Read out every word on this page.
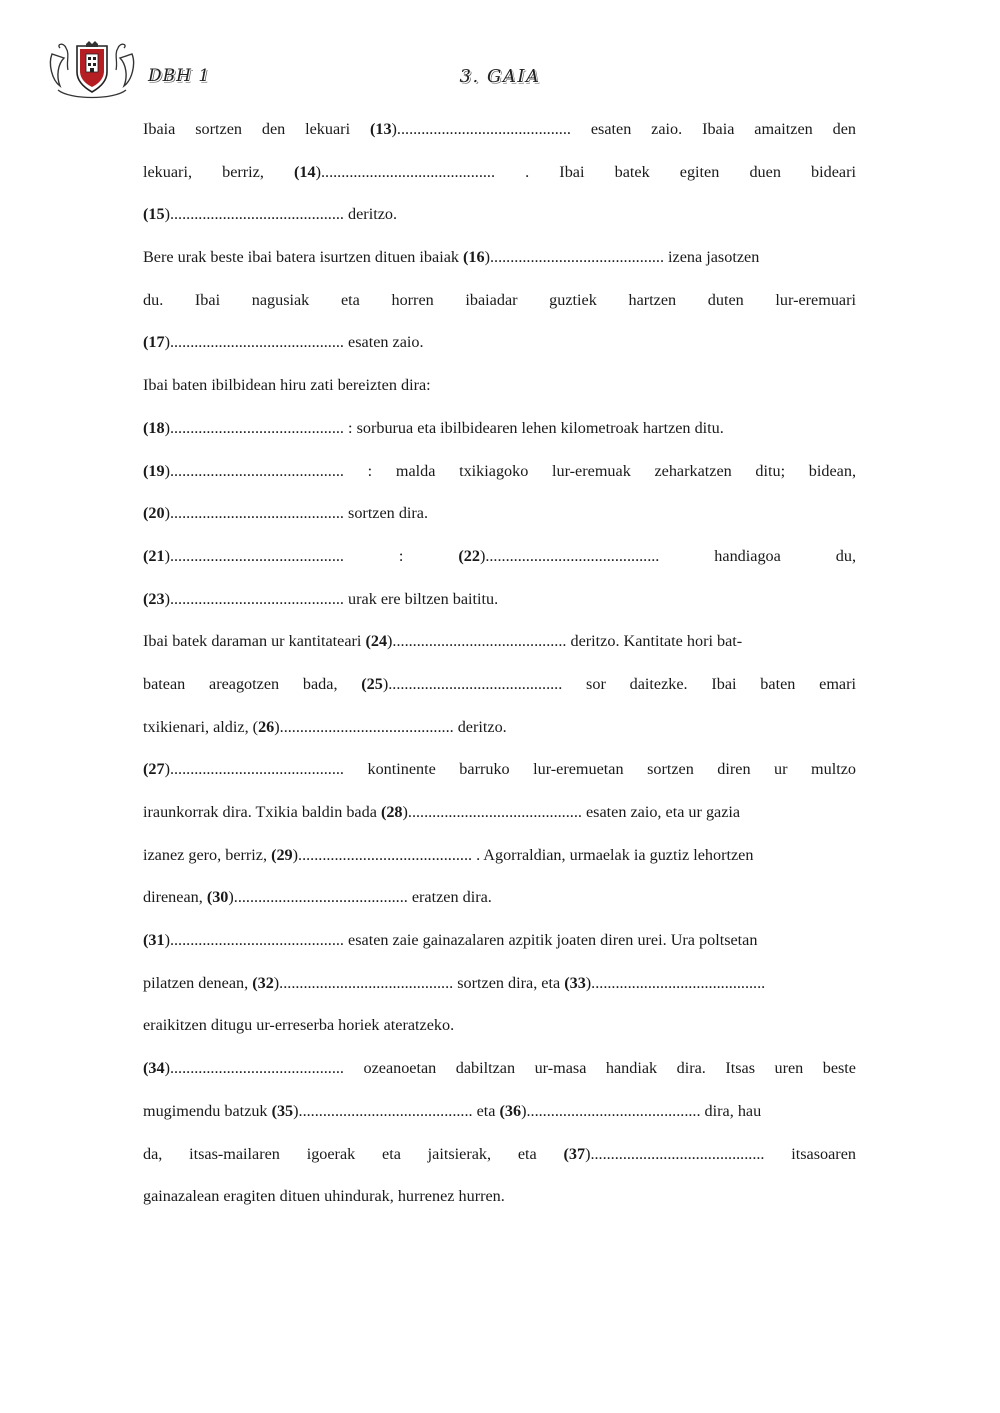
DBH 1	3. GAIA
Ibaia sortzen den lekuari (13)........................................... esaten zaio. Ibaia amaitzen den
lekuari, berriz, (14)........................................... . Ibai batek egiten duen bideari
(15)........................................... deritzo.
Bere urak beste ibai batera isurtzen dituen ibaiak (16)........................................... izena jasotzen
du. Ibai nagusiak eta horren ibaiadar guztiek hartzen duten lur-eremuari
(17)........................................... esaten zaio.
Ibai baten ibilbidean hiru zati bereizten dira:
(18)........................................... : sorburua eta ibilbidearen lehen kilometroak hartzen ditu.
(19)........................................... : malda txikiagoko lur-eremuak zeharkatzen ditu; bidean,
(20)........................................... sortzen dira.
(21)........................................... : (22)........................................... handiagoa du,
(23)........................................... urak ere biltzen baititu.
Ibai batek daraman ur kantitateari (24)........................................... deritzo. Kantitate hori bat-
batean areagotzen bada, (25)........................................... sor daitezke. Ibai baten emari
txikienari, aldiz, (26)........................................... deritzo.
(27)........................................... kontinente barruko lur-eremuetan sortzen diren ur multzo
iraunkorrak dira. Txikia baldin bada (28)........................................... esaten zaio, eta ur gazia
izanez gero, berriz, (29)........................................... . Agorraldian, urmaelak ia guztiz lehortzen
direnean, (30)........................................... eratzen dira.
(31)........................................... esaten zaie gainazalaren azpitik joaten diren urei. Ura poltsetan
pilatzen denean, (32)........................................... sortzen dira, eta (33)...........................................
eraikitzen ditugu ur-erreserba horiek ateratzeko.
(34)........................................... ozeanoetan dabiltzan ur-masa handiak dira. Itsas uren beste
mugimendu batzuk (35)........................................... eta (36)........................................... dira, hau
da, itsas-mailaren igoerak eta jaitsierak, eta (37)........................................... itsasoaren
gainazalean eragiten dituen uhindurak, hurrenez hurren.
